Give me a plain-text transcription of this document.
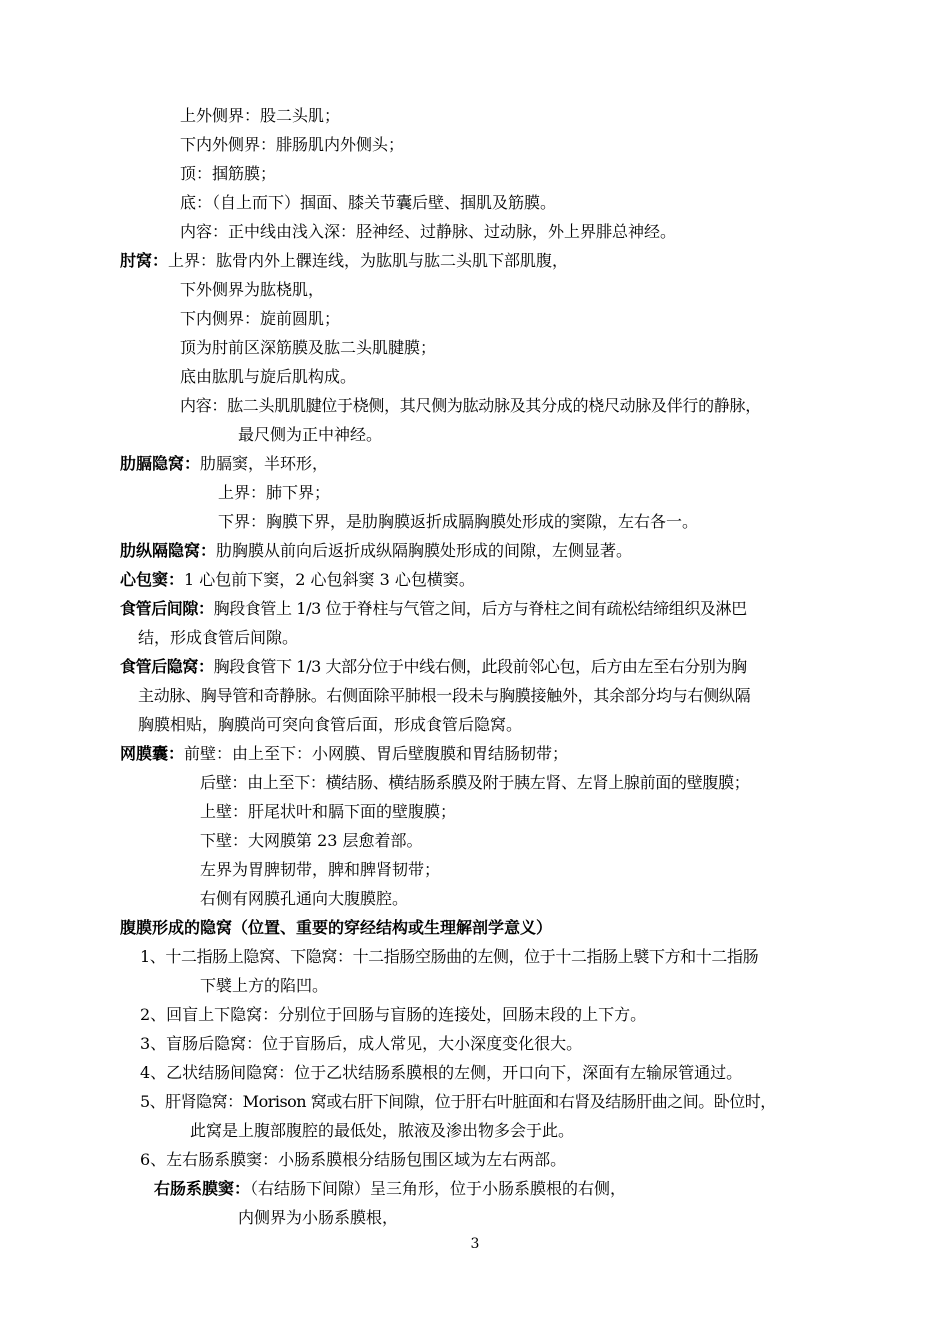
上外侧界：股二头肌；
下内外侧界：腓肠肌内外侧头；
顶：掴筋膜；
底：（自上而下）掴面、膝关节囊后壁、掴肌及筋膜。
内容：正中线由浅入深：胫神经、过静脉、过动脉，外上界腓总神经。
肘窝：上界：肱骨内外上髁连线，为肱肌与肱二头肌下部肌腹，
下外侧界为肱桡肌，
下内侧界：旋前圆肌；
顶为肘前区深筋膜及肱二头肌腱膜；
底由肱肌与旋后肌构成。
内容：肱二头肌肌腱位于桡侧，其尺侧为肱动脉及其分成的桡尺动脉及伴行的静脉，
最尺侧为正中神经。
肋膈隐窝：肋膈窦，半环形，
上界：肺下界；
下界：胸膜下界，是肋胸膜返折成膈胸膜处形成的窦隙，左右各一。
肋纵隔隐窝：肋胸膜从前向后返折成纵隔胸膜处形成的间隙，左侧显著。
心包窦：1 心包前下窦，2 心包斜窦 3 心包横窦。
食管后间隙：胸段食管上 1/3 位于脊柱与气管之间，后方与脊柱之间有疏松结缔组织及淋巴
结，形成食管后间隙。
食管后隐窝：胸段食管下 1/3 大部分位于中线右侧，此段前邻心包，后方由左至右分别为胸
主动脉、胸导管和奇静脉。右侧面除平肺根一段未与胸膜接触外，其余部分均与右侧纵隔
胸膜相贴，胸膜尚可突向食管后面，形成食管后隐窝。
网膜囊：前壁：由上至下：小网膜、胃后壁腹膜和胃结肠韧带；
后壁：由上至下：横结肠、横结肠系膜及附于胰左肾、左肾上腺前面的壁腹膜；
上壁：肝尾状叶和膈下面的壁腹膜；
下壁：大网膜第 23 层愈着部。
左界为胃脾韧带，脾和脾肾韧带；
右侧有网膜孔通向大腹膜腔。
腹膜形成的隐窝（位置、重要的穿经结构或生理解剖学意义）
1、十二指肠上隐窝、下隐窝：十二指肠空肠曲的左侧，位于十二指肠上襞下方和十二指肠
下襞上方的陷凹。
2、回盲上下隐窝：分别位于回肠与盲肠的连接处，回肠末段的上下方。
3、盲肠后隐窝：位于盲肠后，成人常见，大小深度变化很大。
4、乙状结肠间隐窝：位于乙状结肠系膜根的左侧，开口向下，深面有左输尿管通过。
5、肝肾隐窝：Morison 窝或右肝下间隙，位于肝右叶脏面和右肾及结肠肝曲之间。卧位时，
此窝是上腹部腹腔的最低处，脓液及渗出物多会于此。
6、左右肠系膜窦：小肠系膜根分结肠包围区域为左右两部。
右肠系膜窦：（右结肠下间隙）呈三角形，位于小肠系膜根的右侧，
内侧界为小肠系膜根，
3
